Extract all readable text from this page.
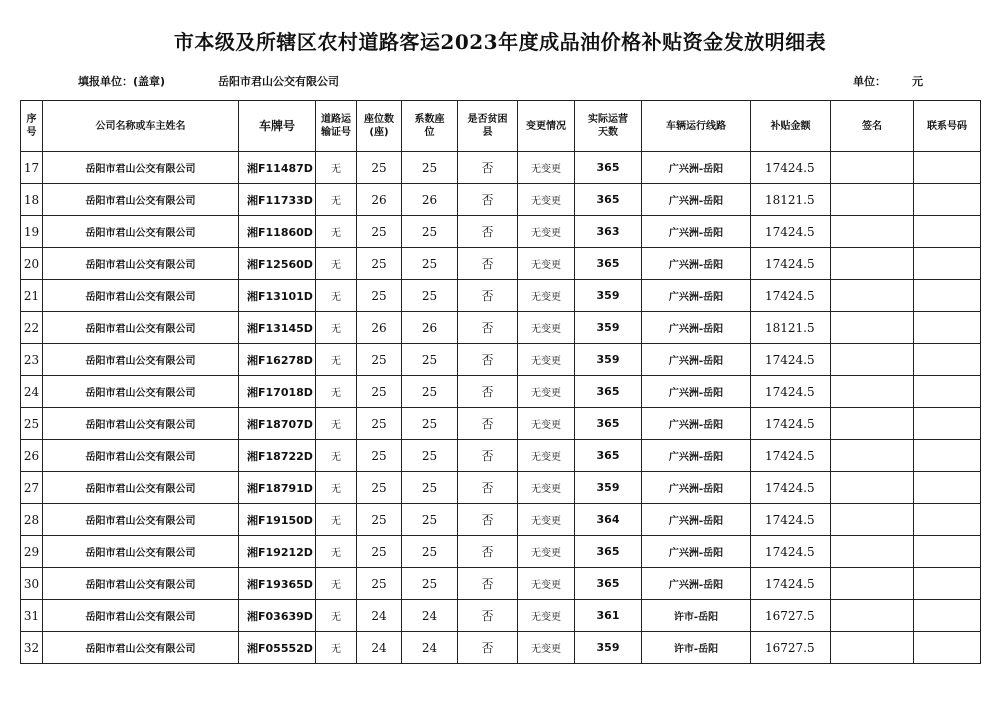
市本级及所辖区农村道路客运2023年度成品油价格补贴资金发放明细表
填报单位：(盖章)	岳阳市君山公交有限公司	单位： 元
序号	公司名称或车主姓名	车牌号	道路运输证号	座位数(座)	系数座位	是否贫困县	变更情况	实际运营天数	车辆运行线路	补贴金额	签名	联系号码
17	岳阳市君山公交有限公司	湘F11487D	无	25	25	否	无变更	365	广兴洲-岳阳	17424.5		
18	岳阳市君山公交有限公司	湘F11733D	无	26	26	否	无变更	365	广兴洲-岳阳	18121.5		
19	岳阳市君山公交有限公司	湘F11860D	无	25	25	否	无变更	363	广兴洲-岳阳	17424.5		
20	岳阳市君山公交有限公司	湘F12560D	无	25	25	否	无变更	365	广兴洲-岳阳	17424.5		
21	岳阳市君山公交有限公司	湘F13101D	无	25	25	否	无变更	359	广兴洲-岳阳	17424.5		
22	岳阳市君山公交有限公司	湘F13145D	无	26	26	否	无变更	359	广兴洲-岳阳	18121.5		
23	岳阳市君山公交有限公司	湘F16278D	无	25	25	否	无变更	359	广兴洲-岳阳	17424.5		
24	岳阳市君山公交有限公司	湘F17018D	无	25	25	否	无变更	365	广兴洲-岳阳	17424.5		
25	岳阳市君山公交有限公司	湘F18707D	无	25	25	否	无变更	365	广兴洲-岳阳	17424.5		
26	岳阳市君山公交有限公司	湘F18722D	无	25	25	否	无变更	365	广兴洲-岳阳	17424.5		
27	岳阳市君山公交有限公司	湘F18791D	无	25	25	否	无变更	359	广兴洲-岳阳	17424.5		
28	岳阳市君山公交有限公司	湘F19150D	无	25	25	否	无变更	364	广兴洲-岳阳	17424.5		
29	岳阳市君山公交有限公司	湘F19212D	无	25	25	否	无变更	365	广兴洲-岳阳	17424.5		
30	岳阳市君山公交有限公司	湘F19365D	无	25	25	否	无变更	365	广兴洲-岳阳	17424.5		
31	岳阳市君山公交有限公司	湘F03639D	无	24	24	否	无变更	361	许市-岳阳	16727.5		
32	岳阳市君山公交有限公司	湘F05552D	无	24	24	否	无变更	359	许市-岳阳	16727.5		
